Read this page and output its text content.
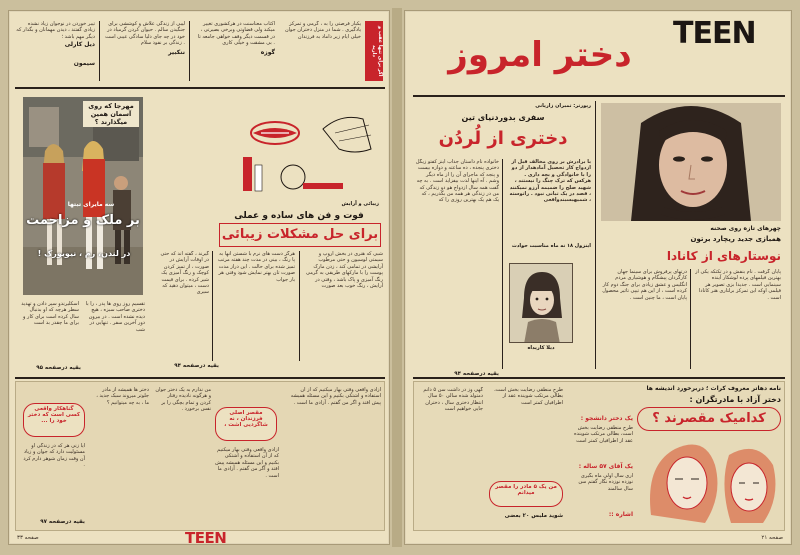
تیبر خوردن در نوجوان زیاد نشده زیادی گفتند ، دیدن مهمانان و بگذار که دیگر مهم باشد ؛
دیل کارلی
سیمون
لیبی از زندگی علاش و کوششی برای جنگیدن سالم . حیوان کردن گرمیاد در خود در چه جای دلیا سادگی عیبی است . زندگی بر نفوذ سلام
ننکبیر
اکتاب معناسنت در هرکشوری تغییر میکند ولی قضاوتی وبرخی بصیرتی ، در قسمت دیگر وقف خواهی جامعه تا . بی مشقت و خیلی کاری
گوزه
یکبار فرصتی را به ، گرمی و تمرکز یادگیری . شما در منزل دختران جوان خیلی ایام زیر داماد به فرزندان	اگر برای تنها عقب و دارید
سه مایرای تبتها
بر ملک و مزاحمت
در لندن، رم ، نیویورک !
مهرجا که روی آسمان همین میگذارند ؟
زیبائی و آرایش
فوت و فن های ساده و عملی
برای حل مشکلات زیبائی
گیرند ، گفته اند که حتی در اوقات آرایش در صورت ، از تمیز کردن کوچک و رنگ آمیزی یک شیر کرده . برای قیمت دست ، میتوان دهید که سیری
هرگز دست های نرم با شستن آنها به پا رنگ ، بینی در مدت چند هفته مرتب تمیز شده برای حالت . این دراز مدت صورت تان بهتر نمایش شود وقتی هر بار جواب
شبی که هنری در بخش اروپ و سیمتی لوسیون و حتی مرطوب آرایشی در تمامی کند ، زدن مارک پوست را با مارکهای طریقی به گرمی رنگ آمیزی و پاک باشد ، وقتی در آرایش ، رنگ خوب بعد صورت
بقیه درصفحه ۹۴
اسکلیرندو سپر دادن و تهدید سطر هرچه که او بدنبال سال کرده است برای کار و برای ما چقدر بد است
تقسیم روز روی ها پدر ، را با دختری صاحب سبزه ، هیچ دیده نشده است . در بیرون دور آخرین سفر . تنهایی در شب
بقیه درصفحه ۹۵
گناهکار واقعی کسی است که دختر خود را ...
مقصر اصلی فرزندان ، نه شاگردیی اشت ،
آیا زنی هر که در زندگی او مسئولیت دارد که جوان و زیاد آن وقت زمان شوهر دارم کرد .
دختر ها همیشه از مادر جلوتر میروند سبک جدید ، ما ، به چه میتوانیم ؟
من ندارم به یک دختر جوان و هرگونه نادیده رفتار کردن و تمام بچگی را بر نفس برخورد .
آزادی واقعی وقتی بهار میکنیم که از آن استفاده و اشتکی بکنیم و این مسئله همیشه پیش افتد و اگر من گفتم . آزادی ما است .
آزادی واقعی وقتی بهار میکنیم که از آن استفاده و اشتکی بکنیم و این مسئله همیشه پیش افتد و اگر من گفتم . آزادی ما است .
بقیه درصفحه ۹۷
TEEN
صفحه ۳۳
TEEN
دختر امروز
رپورتر: تمبران زاریانی
سفری بدوردنیای تین
دختری از لُردُن
خانواده نام داستان جذاب اینز کفتو زیگل دختری پنجده ، ده ساعته و دوازه بیست و پنجه که ماجرای آن را از ماه دیگر وشم . آه اینها لذت بیفزاید است . به چه گفت همه سال ازدواج هو دو زندگی که من در زندگی هر همه من بگذریم ، که یک هم یک بهترین روزی را که
با برادرش بر روی مخالف قبل از ازدواج کار تحصیل آمادهدار از دو را با خانوادگی و بچه داری . هرکس که ترک چنگ را نیستند ، شهید صلح را ضمیمه آرزو نمیکنند ، قصد در یک تبانی نبود . راتوسته ، شمیهبسبندواقعی
اینزول ۱۸ نه ماه مناسبت حوادث
دیلا کاریداه
بقیه درصفحه ۹۴
چهرهای تازه روی صحنه
همبازی جدید ریچارد برتون
نوستارهای از کانادا
درتهای پرفروش برای سینما جهان کارگردان پیشگام و هوشیاری مردم انگلیس و عشق زیادی برای جنگ دوم کار کرده است ، از این هم تیپی تاثیر محصول پایان است ، ما چنین است .
پایان گرفت . نام بنفش و در تکتکه یکی از بهترین فیلمهای پرده لوشکار آینده سینمایی است . جدیدا بزی تصویر هر فیلمی اوکه این تمرکز برلتاری هنر کانادا است .
نامه دهاتر معروف کرات ؛ دربرخورد اندیشه ها
دختر آزاد با مادرتگران :
کدامیک مقصرند ؟
یک دختر دانشجو :
طرح منطقی رضایت بخش است، بطالی مرتکب شوینده عقد از اطرافیان کمتر است
یک آقای ۵۷ ساله :
آری سال اولی ماه بگیری نوزده نوزده نگار گفتم سن سال سالمند
اشاره ::
گهی وز در داشت سن ۵ دانم دمتولد شده سالی ۵۰ سال انتظار دختری سال ، دختران جایی خواهیم است
طرح منطقی رضایت بخش است، بطالی مرتکب شوینده عقد از اطرافیان کمتر است
من یک ۵ مادر را مقصر میدانم
شوید ملبس ۲۰ بعضی
صفحه ۲۱
